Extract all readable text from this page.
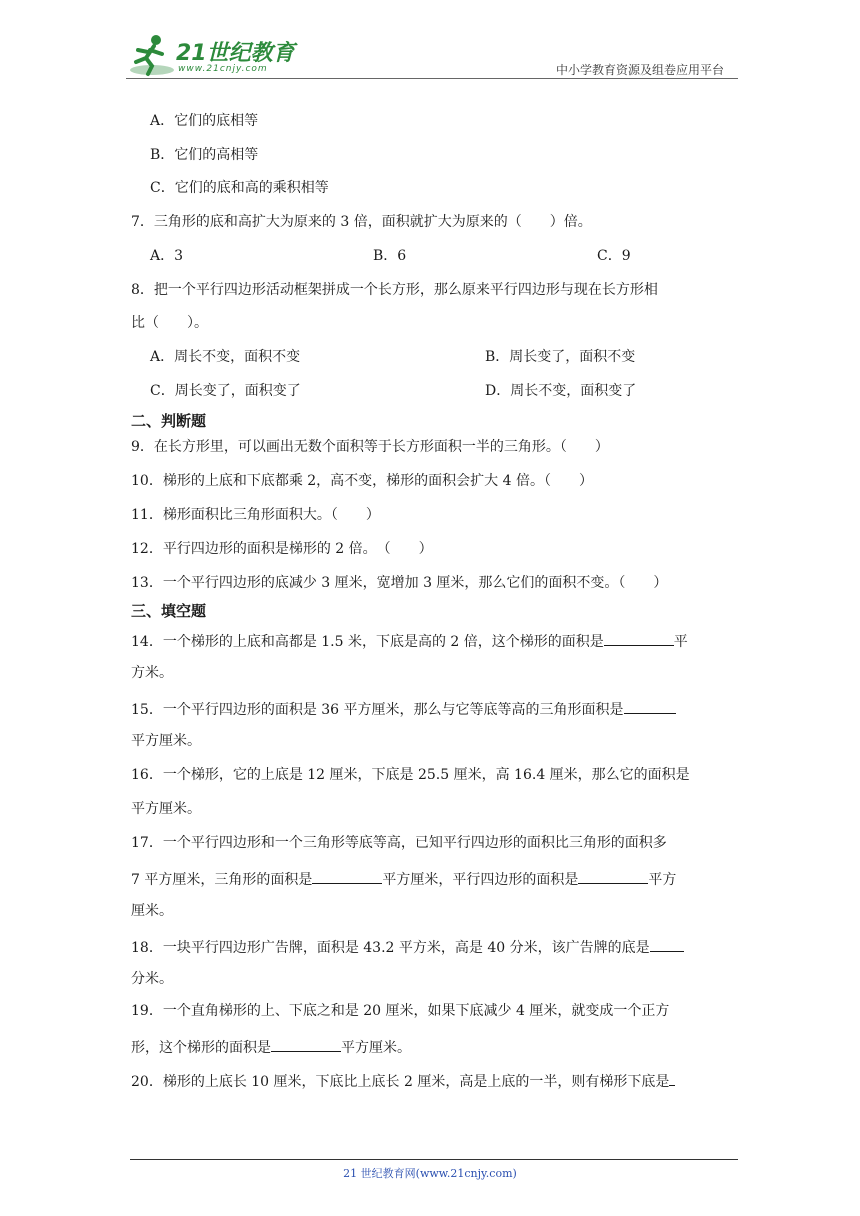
21世纪教育
www.21cnjy.com	中小学教育资源及组卷应用平台
A．它们的底相等
B．它们的高相等
C．它们的底和高的乘积相等
7．三角形的底和高扩大为原来的 3 倍，面积就扩大为原来的（　　）倍。
A．3	B．6	C．9
8．把一个平行四边形活动框架拼成一个长方形，那么原来平行四边形与现在长方形相
比（　　）。
A．周长不变，面积不变	B．周长变了，面积不变
C．周长变了，面积变了	D．周长不变，面积变了
二、判断题
9．在长方形里，可以画出无数个面积等于长方形面积一半的三角形。（　　）
10．梯形的上底和下底都乘 2，高不变，梯形的面积会扩大 4 倍。（　　）
11．梯形面积比三角形面积大。（　　）
12．平行四边形的面积是梯形的 2 倍。　（　　）
13．一个平行四边形的底减少 3 厘米，宽增加 3 厘米，那么它们的面积不变。（　　）
三、填空题
14．一个梯形的上底和高都是 1.5 米，下底是高的 2 倍，这个梯形的面积是	平
方米。
15．一个平行四边形的面积是 36 平方厘米，那么与它等底等高的三角形面积是
平方厘米。
16．一个梯形，它的上底是 12 厘米，下底是 25.5 厘米，高 16.4 厘米，那么它的面积是
平方厘米。
17．一个平行四边形和一个三角形等底等高，已知平行四边形的面积比三角形的面积多
7 平方厘米，三角形的面积是	平方厘米，平行四边形的面积是	平方
厘米。
18．一块平行四边形广告牌，面积是 43.2 平方米，高是 40 分米，该广告牌的底是
分米。
19．一个直角梯形的上、下底之和是 20 厘米，如果下底减少 4 厘米，就变成一个正方
形，这个梯形的面积是	平方厘米。
20．梯形的上底长 10 厘米，下底比上底长 2 厘米，高是上底的一半，则有梯形下底是
21 世纪教育网(www.21cnjy.com)
